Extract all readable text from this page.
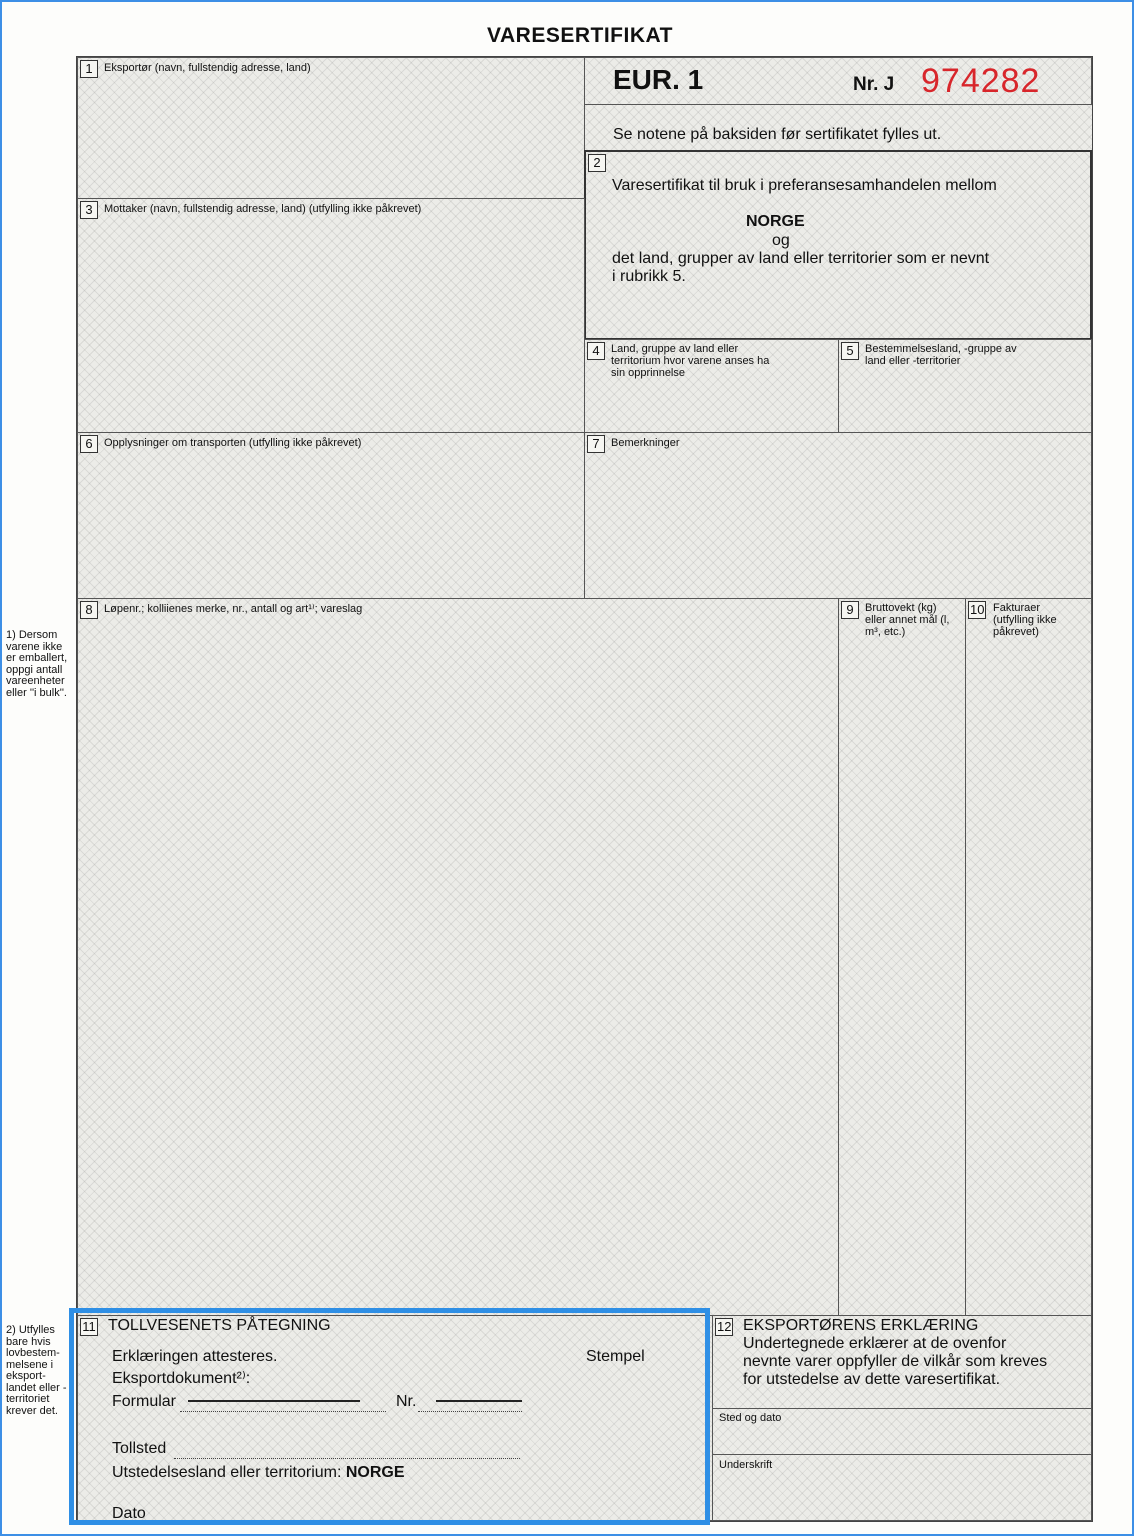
VARESERTIFIKAT
1) Dersom varene ikke er emballert, oppgi antall vareenheter eller ''i bulk''.
2) Utfylles bare hvis lovbestem-melsene i eksport-landet eller -territoriet krever det.
1	Eksportør (navn, fullstendig adresse, land)	EUR. 1	Nr. J 974282
Se notene på baksiden før sertifikatet fylles ut.
2
Varesertifikat til bruk i preferansesamhandelen mellom
NORGE
og
det land, grupper av land eller territorier som er nevnt
i rubrikk 5.
3	Mottaker (navn, fullstendig adresse, land) (utfylling ikke påkrevet)
4	Land, gruppe av land eller territorium hvor varene anses ha sin opprinnelse
5	Bestemmelsesland, -gruppe av land eller -territorier
6	Opplysninger om transporten (utfylling ikke påkrevet)	7	Bemerkninger
8	Løpenr.; kolliienes merke, nr., antall og art¹⁾; vareslag	9	Bruttovekt (kg) eller annet mål (l, m³, etc.)
10 Fakturaer (utfylling ikke påkrevet)
11 TOLLVESENETS PÅTEGNING
Erklæringen attesteres.	Stempel
Eksportdokument²⁾:
Formular	Nr.
Tollsted
Utstedelsesland eller territorium: NORGE
Dato
12 EKSPORTØRENS ERKLÆRING
Undertegnede erklærer at de ovenfor
nevnte varer oppfyller de vilkår som kreves
for utstedelse av dette varesertifikat.
Sted og dato
Underskrift
